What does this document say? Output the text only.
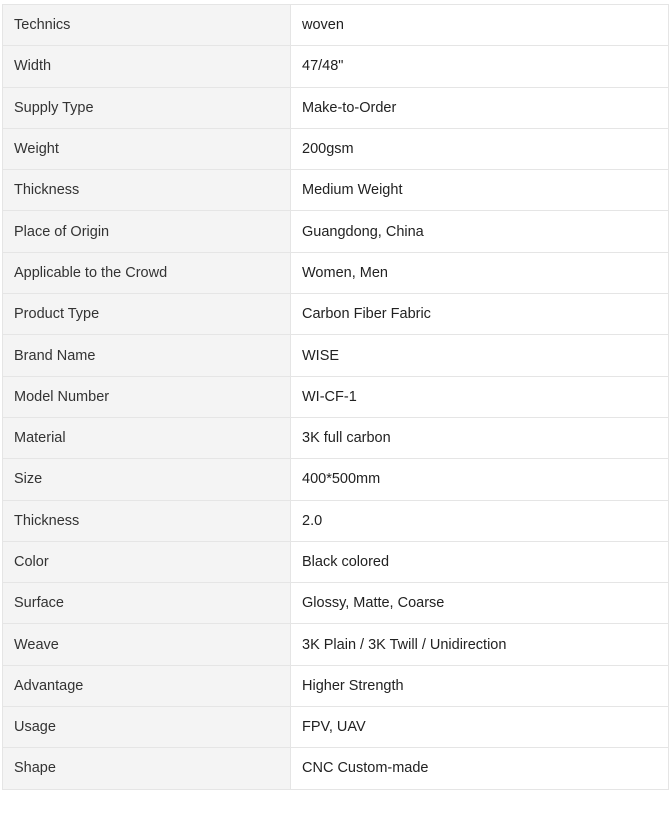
Technics	woven
Width	47/48"
Supply Type	Make-to-Order
Weight	200gsm
Thickness	Medium Weight
Place of Origin	Guangdong, China
Applicable to the Crowd	Women, Men
Product Type	Carbon Fiber Fabric
Brand Name	WISE
Model Number	WI-CF-1
Material	3K full carbon
Size	400*500mm
Thickness	2.0
Color	Black colored
Surface	Glossy, Matte, Coarse
Weave	3K Plain / 3K Twill / Unidirection
Advantage	Higher Strength
Usage	FPV, UAV
Shape	CNC Custom-made
